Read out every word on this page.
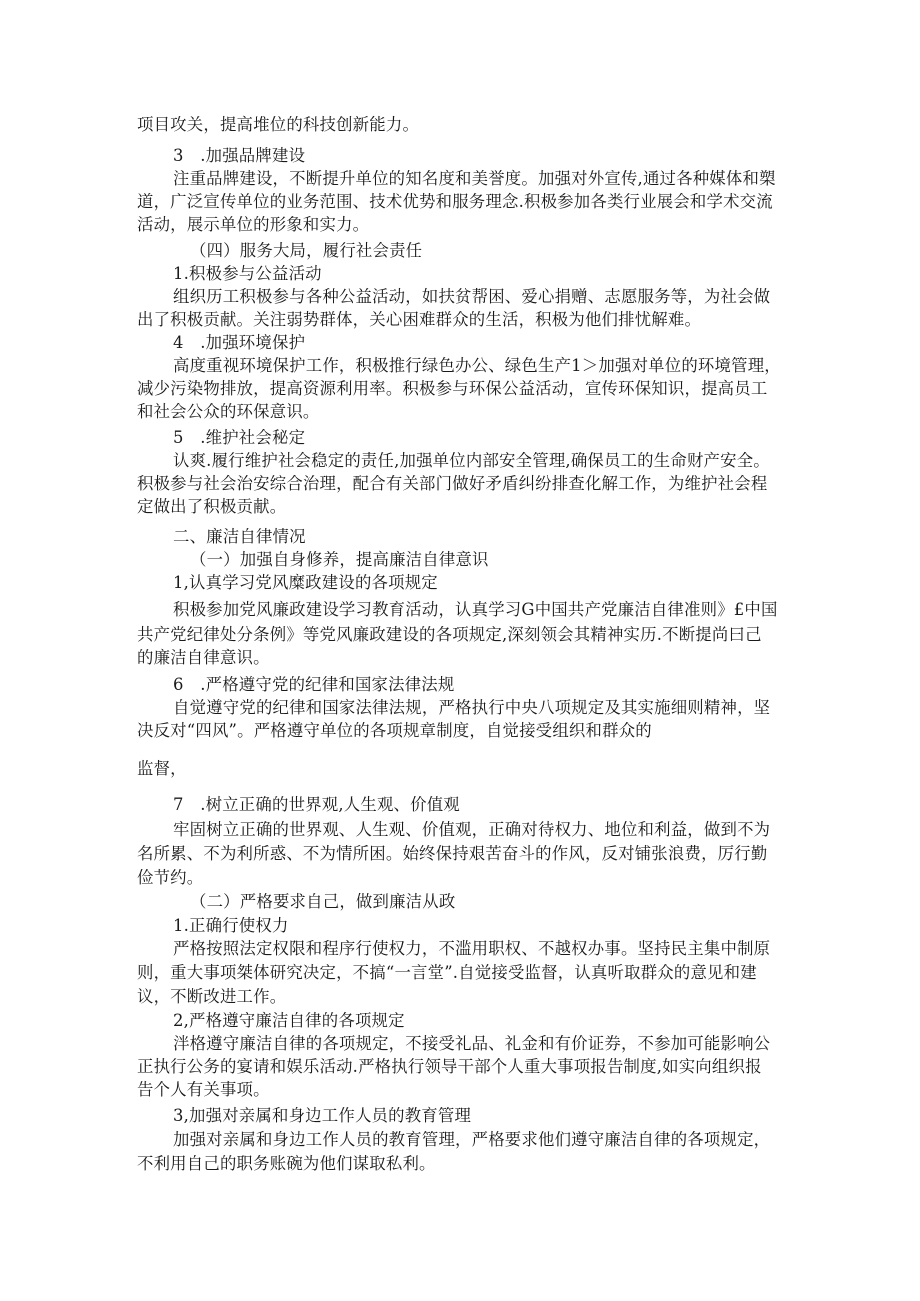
项目攻关，提高堆位的科技创新能力。
3　.加强品牌建设
注重品牌建设，不断提升单位的知名度和美誉度。加强对外宣传,通过各种媒体和槊
道，广泛宣传单位的业务范围、技术优势和服务理念.积极参加各类行业展会和学术交流
活动，展示单位的形象和实力。
（四）服务大局，履行社会责任
1.积极参与公益活动
组织历工积极参与各种公益活动，如扶贫帮困、爱心捐赠、志愿服务等，为社会做
出了积极贡献。关注弱势群体，关心困难群众的生活，积极为他们排忧解难。
4　.加强环境保护
高度重视环境保护工作，积极推行绿色办公、绿色生产1＞加强对单位的环境管理，
减少污染物排放，提高资源利用率。积极参与环保公益活动，宣传环保知识，提高员工
和社会公众的环保意识。
5　.维护社会秘定
认爽.履行维护社会稳定的责任,加强单位内部安全管理,确保员工的生命财产安全。
积极参与社会治安综合治理，配合有关部门做好矛盾纠纷排查化解工作，为维护社会程
定做出了积极贡献。
二、廉洁自律情况
（一）加强自身修养，提高廉洁自律意识
1,认真学习党风糜政建设的各项规定
积极参加党风廉政建设学习教育活动，认真学习G中国共产党廉洁自律准则》£中国
共产党纪律处分条例》等党风廉政建设的各项规定,深刻领会其精神实历.不断提尚曰己
的廉洁自律意识。
6　.严格遵守党的纪律和国家法律法规
自觉遵守党的纪律和国家法律法规，严格执行中央八项规定及其实施细则精神，坚
决反对“四风”。严格遵守单位的各项规章制度，自觉接受组织和群众的
监督，
7　.树立正确的世界观,人生观、价值观
牢固树立正确的世界观、人生观、价值观，正确对待权力、地位和利益，做到不为
名所累、不为利所惑、不为情所困。始终保持艰苦奋斗的作风，反对铺张浪费，厉行勤
俭节约。
（二）严格要求自己，做到廉洁从政
1.正确行使权力
严格按照法定权限和程序行使权力，不滥用职权、不越权办事。坚持民主集中制原
则，重大事项桀体研究决定，不搞“一言堂”.自觉接受监督，认真听取群众的意见和建
议，不断改进工作。
2,严格遵守廉洁自律的各项规定
泮格遵守廉洁自律的各项规定，不接受礼品、礼金和有价证券，不参加可能影响公
正执行公务的宴请和娱乐活动.严格执行领导干部个人重大事项报告制度,如实向组织报
告个人有关事项。
3,加强对亲属和身边工作人员的教育管理
加强对亲属和身边工作人员的教育管理，严格要求他们遵守廉洁自律的各项规定，
不利用自己的职务账碗为他们谋取私利。
